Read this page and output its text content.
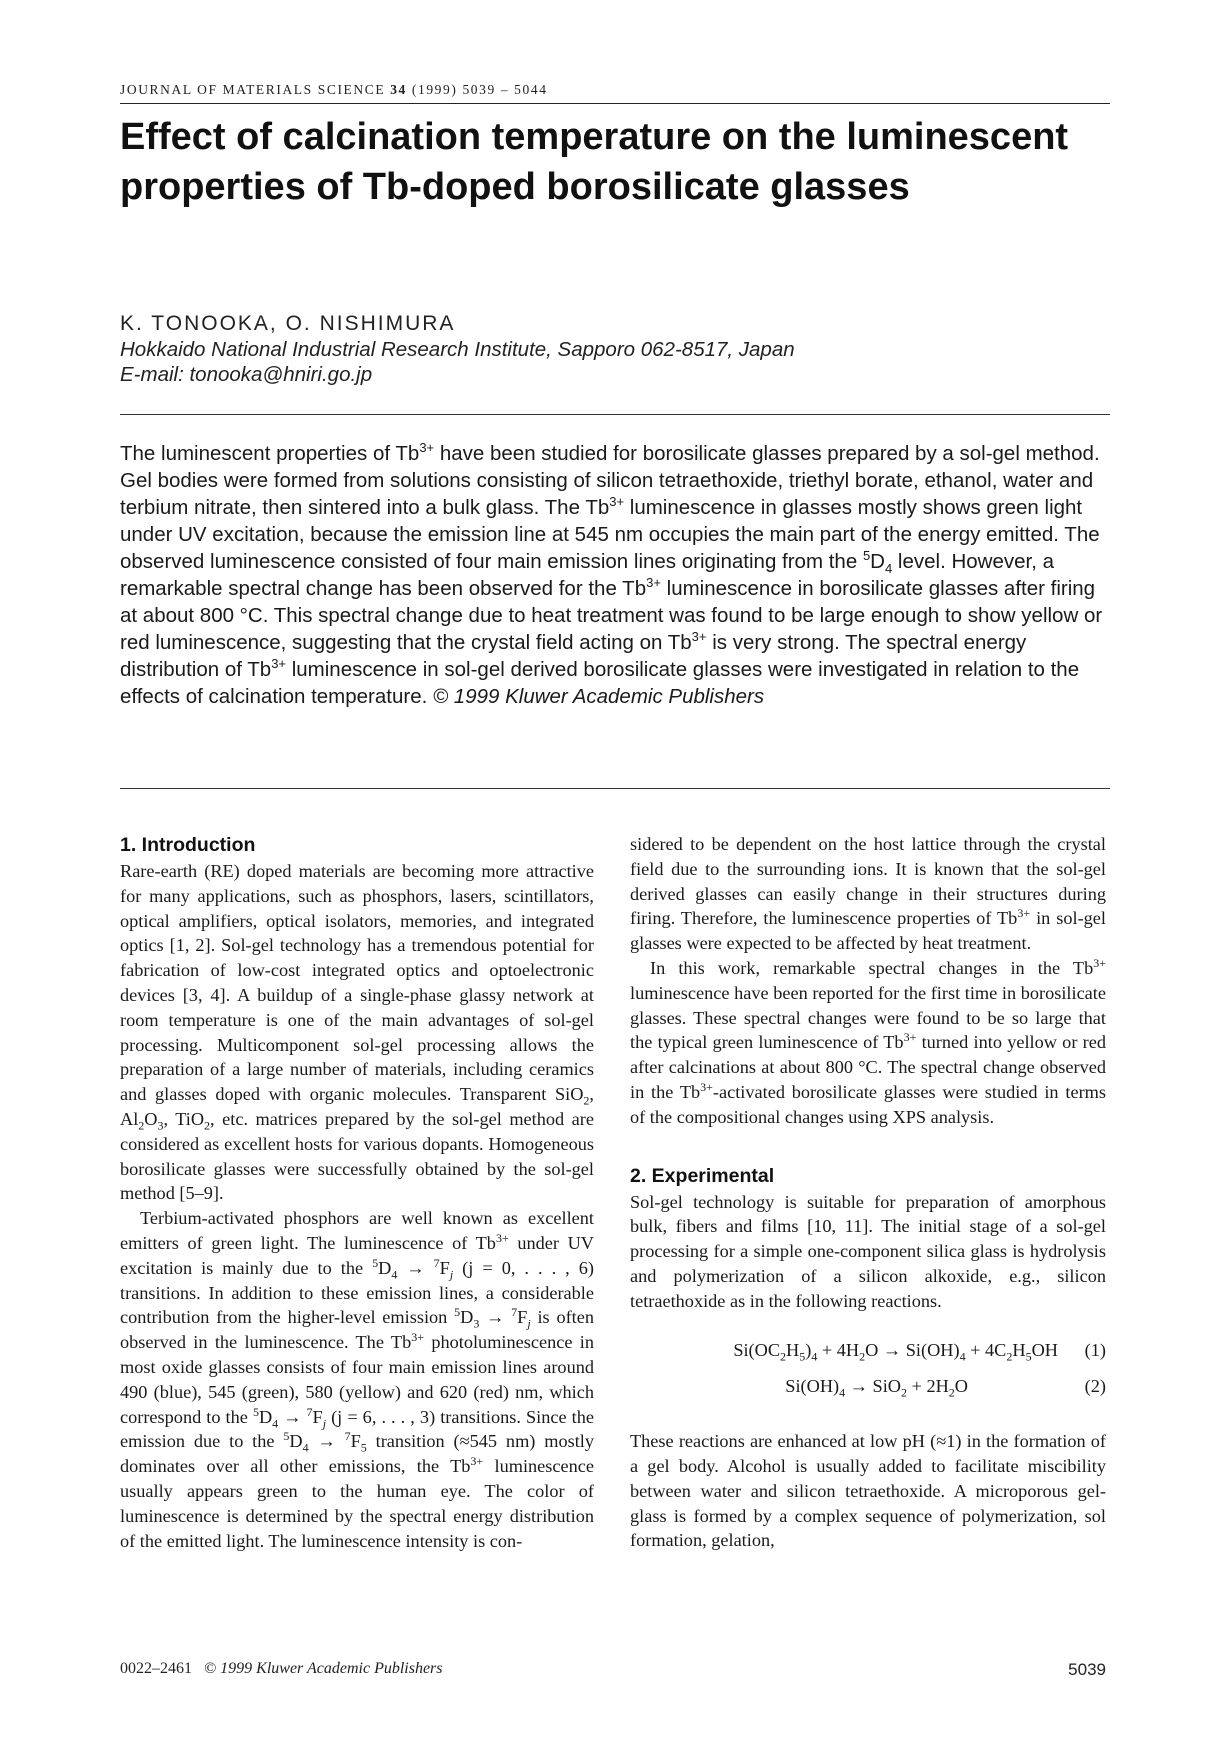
JOURNAL OF MATERIALS SCIENCE 34 (1999) 5039 – 5044
Effect of calcination temperature on the luminescent properties of Tb-doped borosilicate glasses
K. TONOOKA, O. NISHIMURA
Hokkaido National Industrial Research Institute, Sapporo 062-8517, Japan
E-mail: tonooka@hniri.go.jp

The luminescent properties of $Tb^{3+}$ have been studied for borosilicate glasses prepared by a sol-gel method. Gel bodies were formed from solutions consisting of silicon tetraethoxide, triethyl borate, ethanol, water and terbium nitrate, then sintered into a bulk glass. The $Tb^{3+}$ luminescence in glasses mostly shows green light under UV excitation, because the emission line at 545 nm occupies the main part of the energy emitted. The observed luminescence consisted of four main emission lines originating from the $^5D_4$ level. However, a remarkable spectral change has been observed for the $Tb^{3+}$ luminescence in borosilicate glasses after firing at about 800 °C. This spectral change due to heat treatment was found to be large enough to show yellow or red luminescence, suggesting that the crystal field acting on $Tb^{3+}$ is very strong. The spectral energy distribution of $Tb^{3+}$ luminescence in sol-gel derived borosilicate glasses were investigated in relation to the effects of calcination temperature. © 1999 Kluwer Academic Publishers

1. Introduction

Rare-earth (RE) doped materials are becoming more attractive for many applications, such as phosphors, lasers, scintillators, optical amplifiers, optical isolators, memories, and integrated optics [1, 2]. Sol-gel technology has a tremendous potential for fabrication of low-cost integrated optics and optoelectronic devices [3, 4]. A buildup of a single-phase glassy network at room temperature is one of the main advantages of sol-gel processing. Multicomponent sol-gel processing allows the preparation of a large number of materials, including ceramics and glasses doped with organic molecules. Transparent SiO$_2$, $Al_2O_3$, TiO$_2$, etc. matrices prepared by the sol-gel method are considered as excellent hosts for various dopants. Homogeneous borosilicate glasses were successfully obtained by the sol-gel method [5–9].

Terbium-activated phosphors are well known as excellent emitters of green light. The luminescence of $Tb^{3+}$ under UV excitation is mainly due to the $^5D_4 \to ^7F_j$ (j = 0, . . . , 6) transitions. In addition to these emission lines, a considerable contribution from the higher-level emission $^5D_3 \to ^7F_j$ is often observed in the luminescence. The $Tb^{3+}$ photoluminescence in most oxide glasses consists of four main emission lines around 490 (blue), 545 (green), 580 (yellow) and 620 (red) nm, which correspond to the $^5D_4 \to ^7F_j$ (j = 6, . . . , 3) transitions. Since the emission due to the $^5D_4 \to ^7F_5$ transition (≈545 nm) mostly dominates over all other emissions, the $Tb^{3+}$ luminescence usually appears green to the human eye. The color of luminescence is determined by the spectral energy distribution of the emitted light. The luminescence intensity is con-

sidered to be dependent on the host lattice through the crystal field due to the surrounding ions. It is known that the sol-gel derived glasses can easily change in their structures during firing. Therefore, the luminescence properties of $Tb^{3+}$ in sol-gel glasses were expected to be affected by heat treatment.

In this work, remarkable spectral changes in the $Tb^{3+}$ luminescence have been reported for the first time in borosilicate glasses. These spectral changes were found to be so large that the typical green luminescence of $Tb^{3+}$ turned into yellow or red after calcinations at about 800 °C. The spectral change observed in the $Tb^{3+}$-activated borosilicate glasses were studied in terms of the compositional changes using XPS analysis.

2. Experimental

Sol-gel technology is suitable for preparation of amorphous bulk, fibers and films [10, 11]. The initial stage of a sol-gel processing for a simple one-component silica glass is hydrolysis and polymerization of a silicon alkoxide, e.g., silicon tetraethoxide as in the following reactions.

$Si(OC_2H_5)_4 + 4H_2O \to Si(OH)_4 + 4C_2H_5OH$	(1)
$Si(OH)_4 \to SiO_2 + 2H_2O$	(2)

These reactions are enhanced at low pH (≈1) in the formation of a gel body. Alcohol is usually added to facilitate miscibility between water and silicon tetraethoxide. A microporous gel-glass is formed by a complex sequence of polymerization, sol formation, gelation,

0022–2461 © 1999 Kluwer Academic Publishers	5039
